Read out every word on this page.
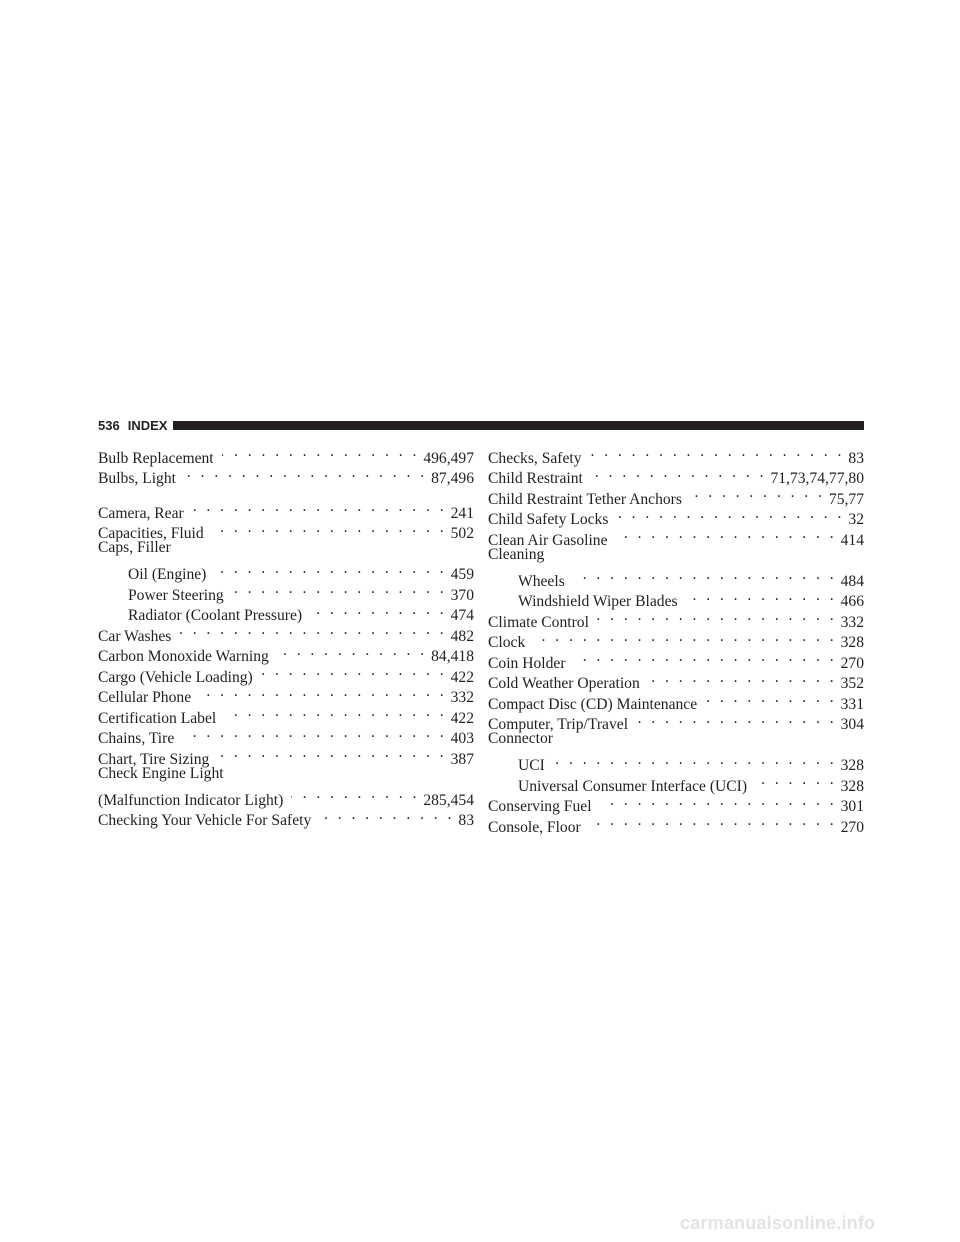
536 INDEX
Bulb Replacement . . .	496,497
Bulbs, Light . . .	87,496
Camera, Rear . . .	241
Capacities, Fluid . . .	502
Caps, Filler
Oil (Engine) . . .	459
Power Steering . . .	370
Radiator (Coolant Pressure) . . .	474
Car Washes . . .	482
Carbon Monoxide Warning . . .	84,418
Cargo (Vehicle Loading) . . .	422
Cellular Phone . . .	332
Certification Label . . .	422
Chains, Tire . . .	403
Chart, Tire Sizing . . .	387
Check Engine Light
(Malfunction Indicator Light) . . .	285,454
Checking Your Vehicle For Safety . . .	83
Checks, Safety . . .	83
Child Restraint . . .	71,73,74,77,80
Child Restraint Tether Anchors . . .	75,77
Child Safety Locks . . .	32
Clean Air Gasoline . . .	414
Cleaning
Wheels . . .	484
Windshield Wiper Blades . . .	466
Climate Control . . .	332
Clock . . .	328
Coin Holder . . .	270
Cold Weather Operation . . .	352
Compact Disc (CD) Maintenance . . .	331
Computer, Trip/Travel . . .	304
Connector
UCI . . .	328
Universal Consumer Interface (UCI) . . .	328
Conserving Fuel . . .	301
Console, Floor . . .	270
carmanualsonline.info
